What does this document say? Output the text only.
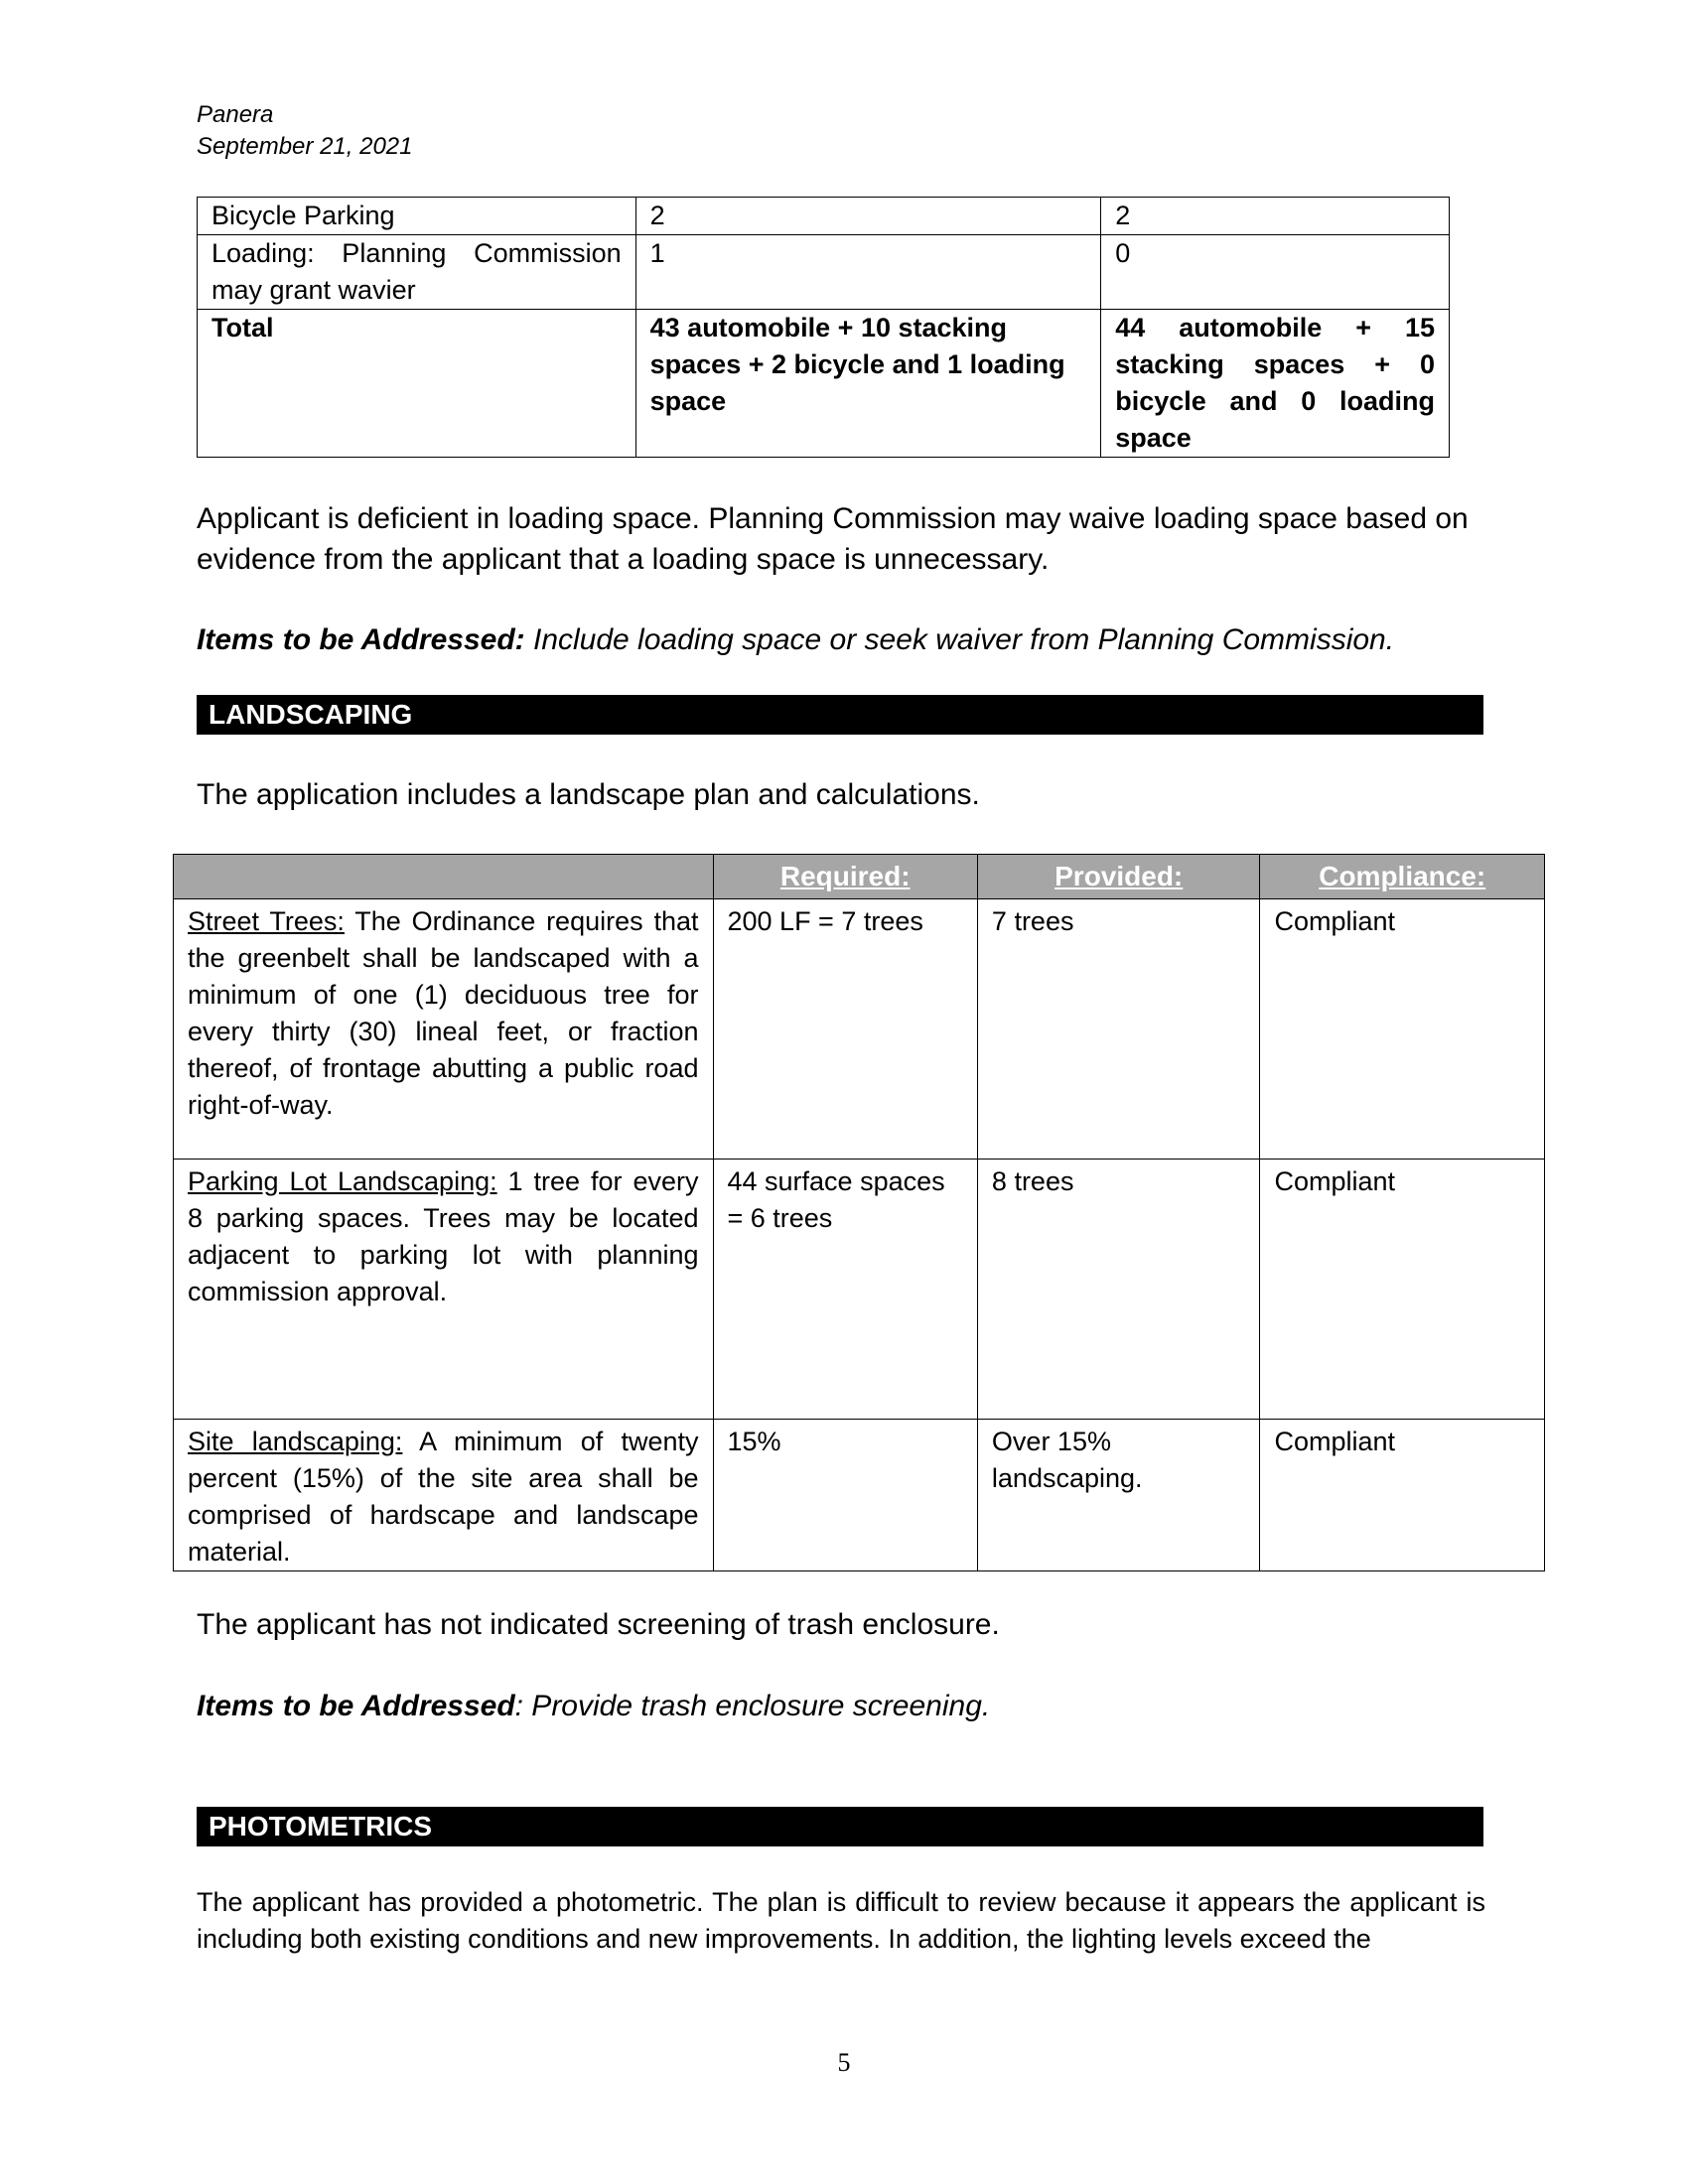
Panera
September 21, 2021
Bicycle Parking	2	2
Loading: Planning Commission may grant wavier	1	0
Total	43 automobile + 10 stacking spaces + 2 bicycle and 1 loading space	44 automobile + 15 stacking spaces + 0 bicycle and 0 loading space
Applicant is deficient in loading space. Planning Commission may waive loading space based on evidence from the applicant that a loading space is unnecessary.
Items to be Addressed: Include loading space or seek waiver from Planning Commission.
LANDSCAPING
The application includes a landscape plan and calculations.
	Required:	Provided:	Compliance:
Street Trees: The Ordinance requires that the greenbelt shall be landscaped with a minimum of one (1) deciduous tree for every thirty (30) lineal feet, or fraction thereof, of frontage abutting a public road right-of-way.	200 LF = 7 trees	7 trees	Compliant
Parking Lot Landscaping: 1 tree for every 8 parking spaces. Trees may be located adjacent to parking lot with planning commission approval.	44 surface spaces = 6 trees	8 trees	Compliant
Site landscaping: A minimum of twenty percent (15%) of the site area shall be comprised of hardscape and landscape material.	15%	Over 15% landscaping.	Compliant
The applicant has not indicated screening of trash enclosure.
Items to be Addressed: Provide trash enclosure screening.
PHOTOMETRICS
The applicant has provided a photometric. The plan is difficult to review because it appears the applicant is including both existing conditions and new improvements. In addition, the lighting levels exceed the
5
